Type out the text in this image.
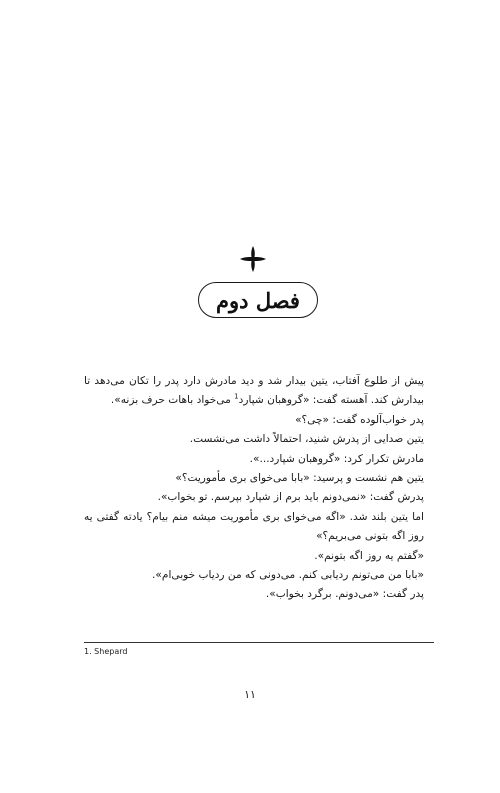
فصل دوم

پیش از طلوع آفتاب، یتین بیدار شد و دید مادرش دارد پدر را تکان می‌دهد تا بیدارش کند. آهسته گفت: «گروهبان شپارد$^1$ می‌خواد باهات حرف بزنه».

پدر خواب‌آلوده گفت: «چی؟»

یتین صدایی از پدرش شنید، احتمالاً داشت می‌نشست.

مادرش تکرار کرد: «گروهبان شپارد...».

یتین هم نشست و پرسید: «بابا می‌خوای بری مأموریت؟»

پدرش گفت: «نمی‌دونم باید برم از شپارد بپرسم. تو بخواب».

اما یتین بلند شد. «اگه می‌خوای بری مأموریت میشه منم بیام؟ یادته گفتی یه روز اگه بتونی می‌بریم؟»

«گفتم یه روز اگه بتونم».

«بابا من می‌تونم ردیابی کنم. می‌دونی که من ردیاب خوبی‌ام».

پدر گفت: «می‌دونم. برگرد بخواب».

1. Shepard
۱۱
